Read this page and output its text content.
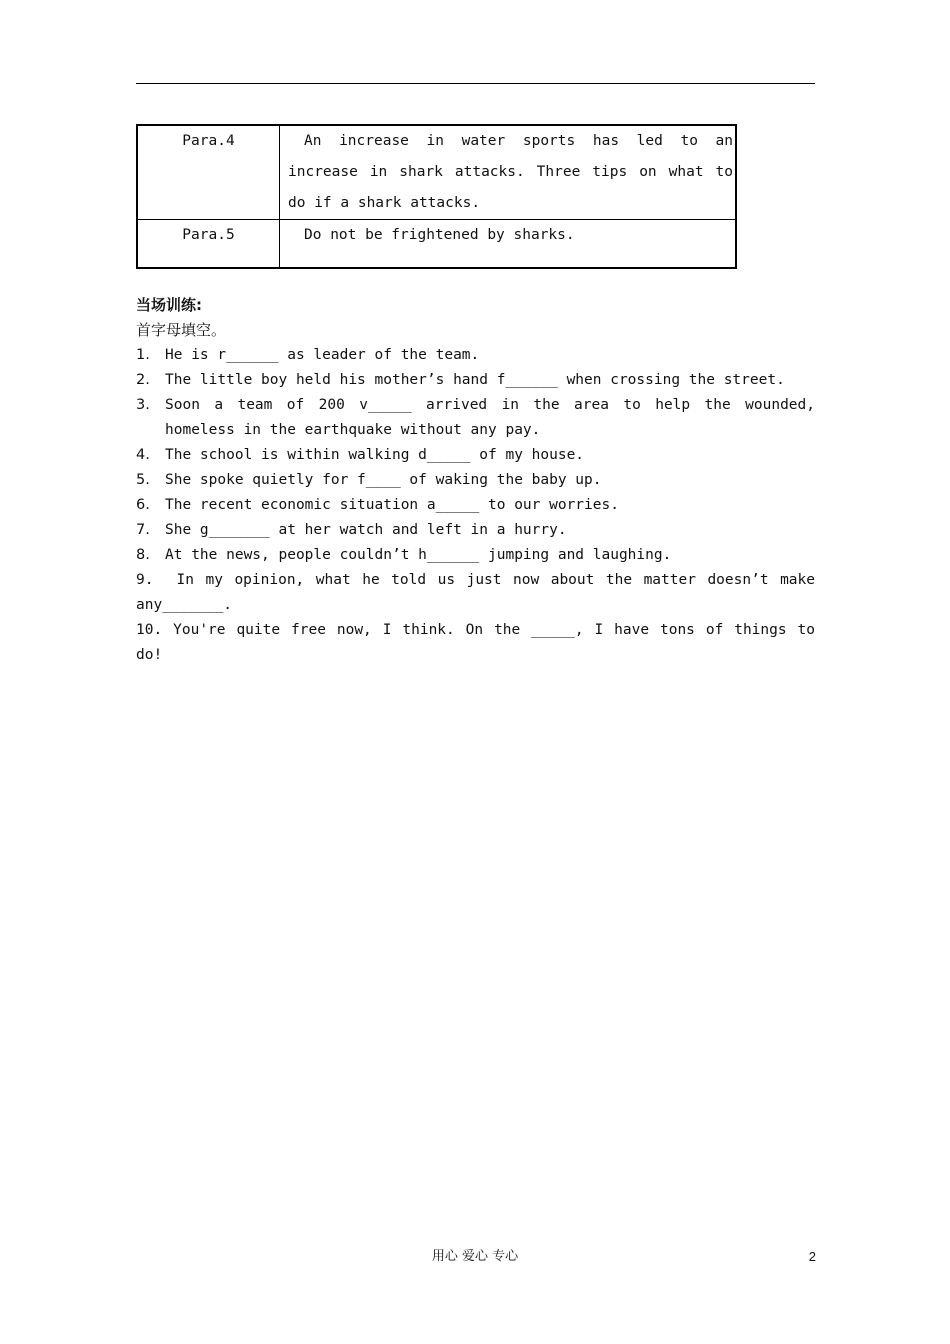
Para.4	An increase in water sports has led to an increase in shark attacks. Three tips on what to do if a shark attacks.
Para.5	Do not be frightened by sharks.
当场训练:
首字母填空。
1. He is r______ as leader of the team.
2. The little boy held his mother’s hand f______ when crossing the street.
3. Soon a team of 200 v_____ arrived in the area to help the wounded, homeless in the earthquake without any pay.
4. The school is within walking d_____ of my house.
5. She spoke quietly for f____ of waking the baby up.
6. The recent economic situation a_____ to our worries.
7. She g_______ at her watch and left in a hurry.
8. At the news, people couldn’t h______ jumping and laughing.
9. In my opinion, what he told us just now about the matter doesn’t make any_______.
10. You're quite free now, I think. On the _____, I have tons of things to do!
用心 爱心 专心	2
